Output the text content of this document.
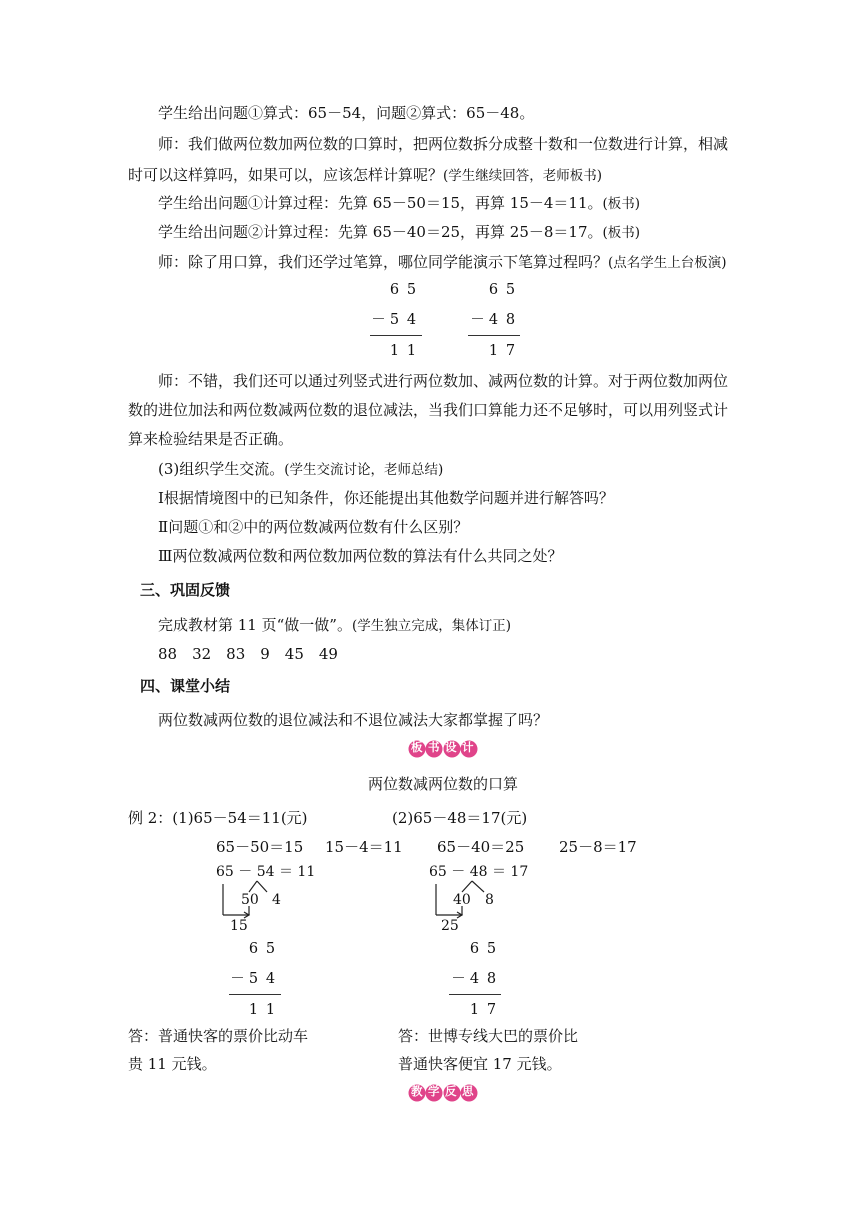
学生给出问题①算式：65－54，问题②算式：65－48。
师：我们做两位数加两位数的口算时，把两位数拆分成整十数和一位数进行计算，相减
时可以这样算吗，如果可以，应该怎样计算呢？(学生继续回答，老师板书)
学生给出问题①计算过程：先算 65－50＝15，再算 15－4＝11。(板书)
学生给出问题②计算过程：先算 65－40＝25，再算 25－8＝17。(板书)
师：除了用口算，我们还学过笔算，哪位同学能演示下笔算过程吗？(点名学生上台板演)
6 5
－ 5 4
1 1
6 5
－ 4 8
1 7
师：不错，我们还可以通过列竖式进行两位数加、减两位数的计算。对于两位数加两位
数的进位加法和两位数减两位数的退位减法，当我们口算能力还不足够时，可以用列竖式计
算来检验结果是否正确。
(3)组织学生交流。(学生交流讨论，老师总结)
Ⅰ根据情境图中的已知条件，你还能提出其他数学问题并进行解答吗？
Ⅱ问题①和②中的两位数减两位数有什么区别？
Ⅲ两位数减两位数和两位数加两位数的算法有什么共同之处？
三、巩固反馈
完成教材第 11 页“做一做”。(学生独立完成，集体订正)
88　32　83　9　45　49
四、课堂小结
两位数减两位数的退位减法和不退位减法大家都掌握了吗？
板书设计
两位数减两位数的口算
例 2：(1)65－54＝11(元)	(2)65－48＝17(元)
65－50＝15 15－4＝11 65－40＝25 25－8＝17
65 － 54 ＝ 11
50 4
15
65 － 48 ＝ 17
40 8
25
6 5
－ 5 4
1 1
6 5
－ 4 8
1 7
答：普通快客的票价比动车
贵 11 元钱。
答：世博专线大巴的票价比
普通快客便宜 17 元钱。
教学反思
